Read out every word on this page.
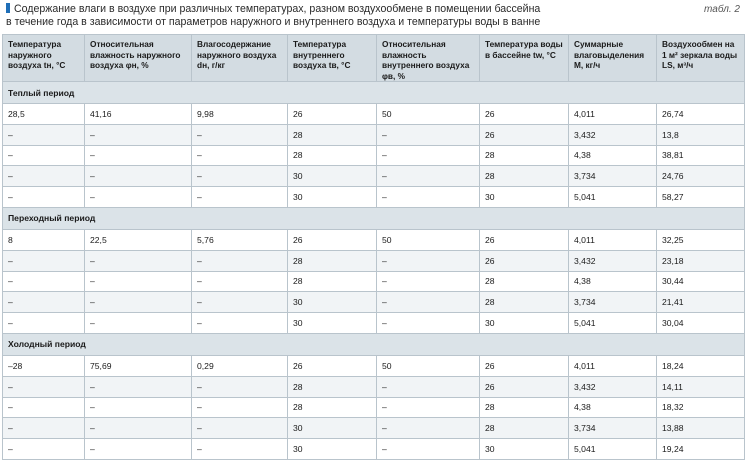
Содержание влаги в воздухе при различных температурах, разном воздухообмене в помещении бассейна
в течение года в зависимости от параметров наружного и внутреннего воздуха и температуры воды в ванне
табл. 2
Температура наружного воздуха tн, °С	Относительная влажность наружного воздуха φн, %	Влагосодержание наружного воздуха dн, г/кг	Температура внутреннего воздуха tв, °С	Относительная влажность внутреннего воздуха φв, %	Температура воды в бассейне tw, °С	Суммарные влаговыделения M, кг/ч	Воздухообмен на 1 м² зеркала воды LS, м³/ч
Теплый период							
28,5	41,16	9,98	26	50	26	4,011	26,74
–	–	–	28	–	26	3,432	13,8
–	–	–	28	–	28	4,38	38,81
–	–	–	30	–	28	3,734	24,76
–	–	–	30	–	30	5,041	58,27
Переходный период							
8	22,5	5,76	26	50	26	4,011	32,25
–	–	–	28	–	26	3,432	23,18
–	–	–	28	–	28	4,38	30,44
–	–	–	30	–	28	3,734	21,41
–	–	–	30	–	30	5,041	30,04
Холодный период							
–28	75,69	0,29	26	50	26	4,011	18,24
–	–	–	28	–	26	3,432	14,11
–	–	–	28	–	28	4,38	18,32
–	–	–	30	–	28	3,734	13,88
–	–	–	30	–	30	5,041	19,24
